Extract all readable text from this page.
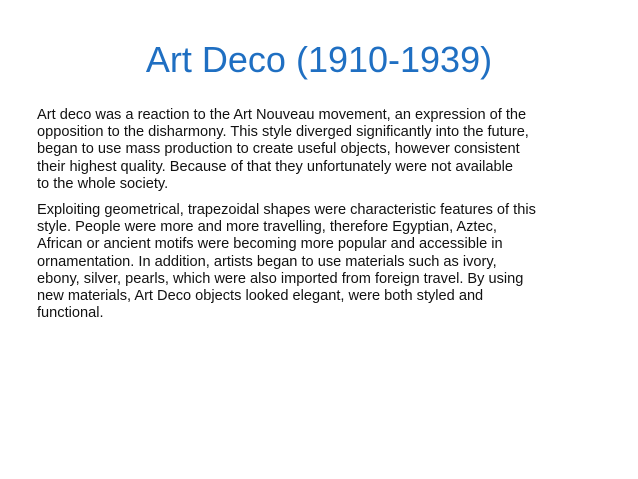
Art Deco (1910-1939)

Art deco was a reaction to the Art Nouveau movement, an expression of the
opposition to the disharmony. This style diverged significantly into the future,
began to use mass production to create useful objects, however consistent
their highest quality. Because of that they unfortunately were not available
to the whole society.

Exploiting geometrical, trapezoidal shapes were characteristic features of this
style. People were more and more travelling, therefore Egyptian, Aztec,
African or ancient motifs were becoming more popular and accessible in
ornamentation. In addition, artists began to use materials such as ivory,
ebony, silver, pearls, which were also imported from foreign travel. By using
new materials, Art Deco objects looked elegant, were both styled and
functional.
